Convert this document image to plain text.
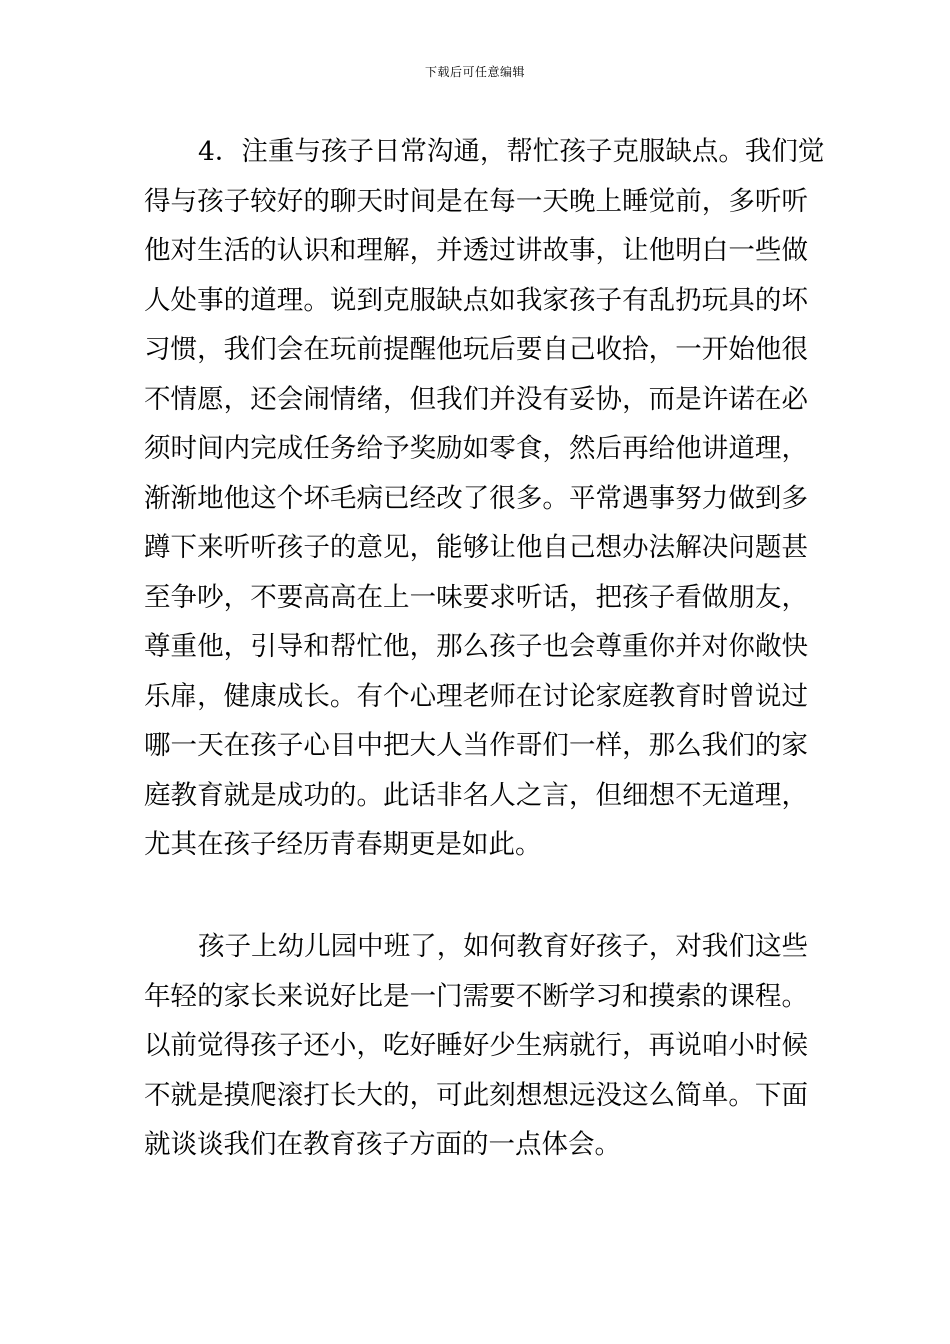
下载后可任意编辑
4．注重与孩子日常沟通，帮忙孩子克服缺点。我们觉
得与孩子较好的聊天时间是在每一天晚上睡觉前，多听听
他对生活的认识和理解，并透过讲故事，让他明白一些做
人处事的道理。说到克服缺点如我家孩子有乱扔玩具的坏
习惯，我们会在玩前提醒他玩后要自己收拾，一开始他很
不情愿，还会闹情绪，但我们并没有妥协，而是许诺在必
须时间内完成任务给予奖励如零食，然后再给他讲道理，
渐渐地他这个坏毛病已经改了很多。平常遇事努力做到多
蹲下来听听孩子的意见，能够让他自己想办法解决问题甚
至争吵，不要高高在上一味要求听话，把孩子看做朋友，
尊重他，引导和帮忙他，那么孩子也会尊重你并对你敞快
乐扉，健康成长。有个心理老师在讨论家庭教育时曾说过
哪一天在孩子心目中把大人当作哥们一样，那么我们的家
庭教育就是成功的。此话非名人之言，但细想不无道理，
尤其在孩子经历青春期更是如此。
孩子上幼儿园中班了，如何教育好孩子，对我们这些
年轻的家长来说好比是一门需要不断学习和摸索的课程。
以前觉得孩子还小，吃好睡好少生病就行，再说咱小时候
不就是摸爬滚打长大的，可此刻想想远没这么简单。下面
就谈谈我们在教育孩子方面的一点体会。
